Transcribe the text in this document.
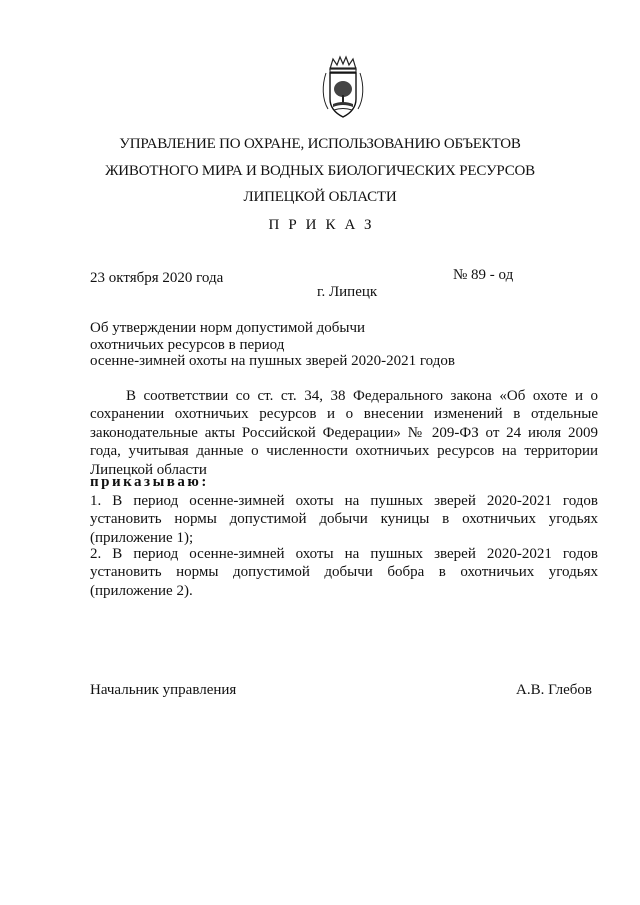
УПРАВЛЕНИЕ ПО ОХРАНЕ, ИСПОЛЬЗОВАНИЮ ОБЪЕКТОВ
ЖИВОТНОГО МИРА И ВОДНЫХ БИОЛОГИЧЕСКИХ РЕСУРСОВ
ЛИПЕЦКОЙ ОБЛАСТИ
ПРИКАЗ
23 октября 2020 года	№ 89 - од
г. Липецк
Об утверждении норм допустимой добычи
охотничьих ресурсов в период
осенне-зимней охоты на пушных зверей 2020-2021 годов
В соответствии со ст. ст. 34, 38 Федерального закона «Об охоте и о
сохранении охотничьих ресурсов и о внесении изменений в отдельные
законодательные акты Российской Федерации» № 209-ФЗ от 24 июля 2009
года, учитывая данные о численности охотничьих ресурсов на территории
Липецкой области
приказываю:
1. В период осенне-зимней охоты на пушных зверей 2020-2021 годов
установить нормы допустимой добычи куницы в охотничьих угодьях
(приложение 1);
2. В период осенне-зимней охоты на пушных зверей 2020-2021 годов
установить нормы допустимой добычи бобра в охотничьих угодьях
(приложение 2).
Начальник управления	А.В. Глебов
